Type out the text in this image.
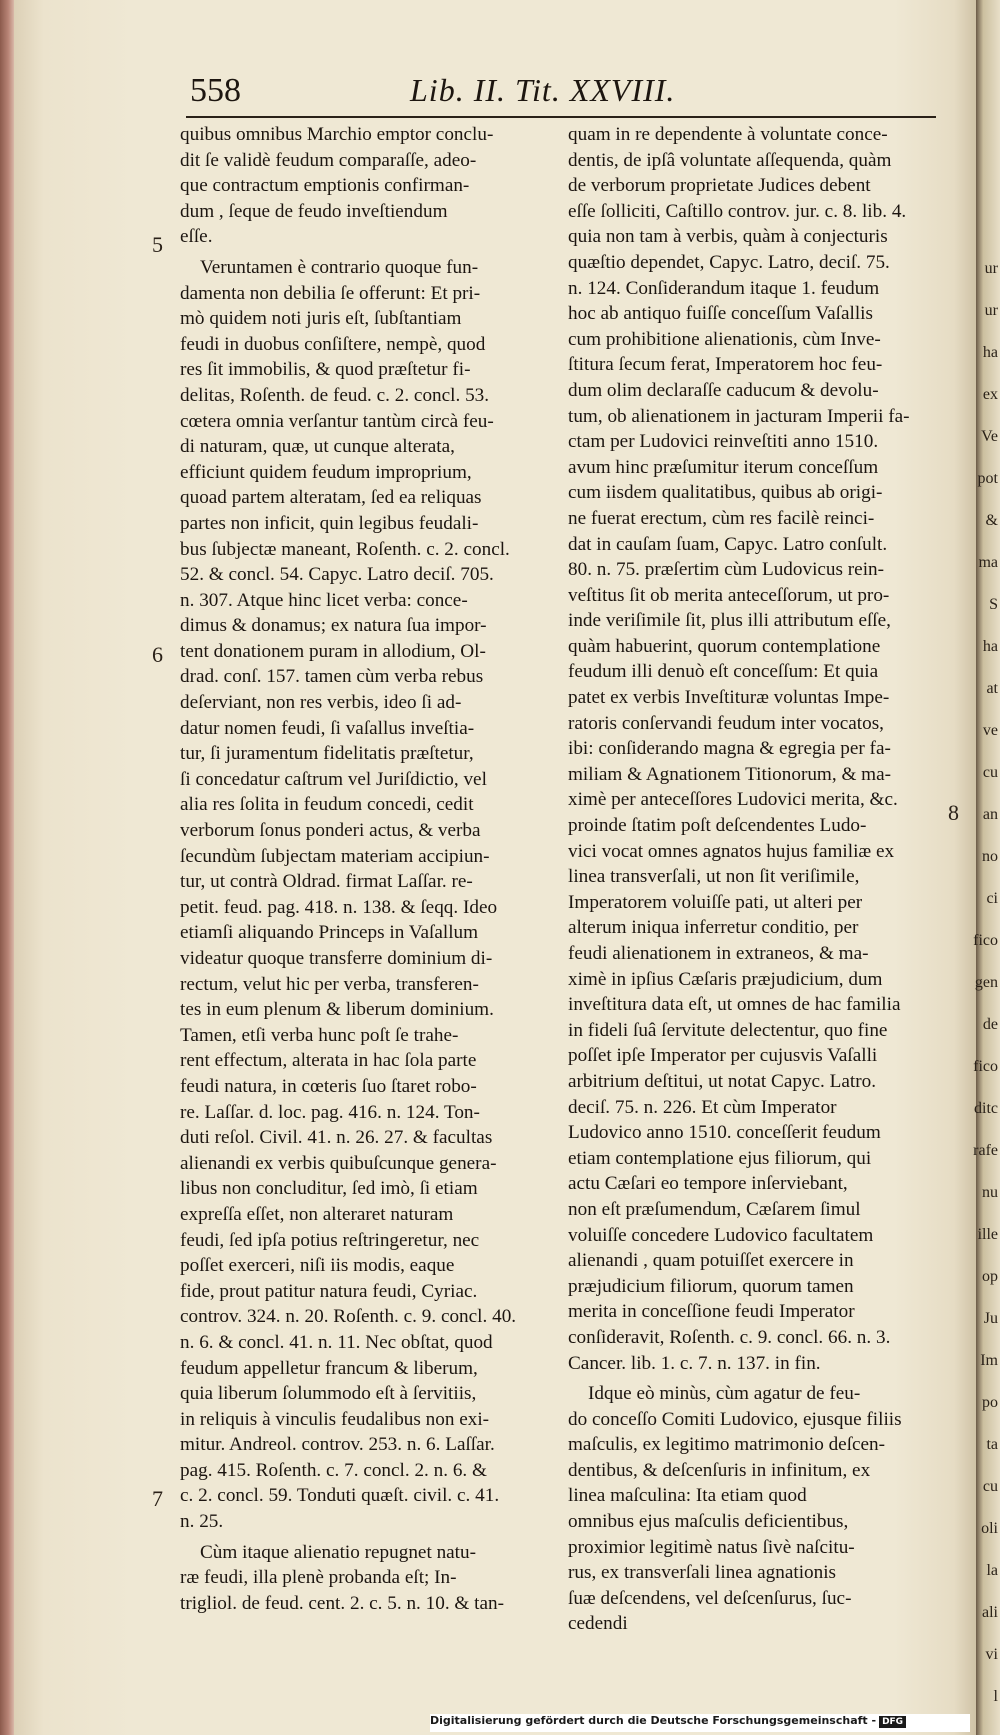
ur
ur
ha
ex
Ve
pot
&
ma
S
ha
at
ve
cu
an
no
ci
fico
gen
de
fico
ditc
rafe
nu
ille
op
Ju
Im
po
ta
cu
oli
la
ali
vi
l
558	Lib. II. Tit. XXVIII.
5
6
7
8
quibus omnibus Marchio emptor conclu-
dit ſe validè feudum comparaſſe, adeo-
que contractum emptionis confirman-
dum , ſeque de feudo inveſtiendum
eſſe.
Veruntamen è contrario quoque fun-
damenta non debilia ſe offerunt: Et pri-
mò quidem noti juris eſt, ſubſtantiam
feudi in duobus conſiſtere, nempè, quod
res ſit immobilis, & quod præſtetur fi-
delitas, Roſenth. de feud. c. 2. concl. 53.
cœtera omnia verſantur tantùm circà feu-
di naturam, quæ, ut cunque alterata,
efficiunt quidem feudum improprium,
quoad partem alteratam, ſed ea reliquas
partes non inficit, quin legibus feudali-
bus ſubjectæ maneant, Roſenth. c. 2. concl.
52. & concl. 54. Capyc. Latro deciſ. 705.
n. 307. Atque hinc licet verba: conce-
dimus & donamus; ex natura ſua impor-
tent donationem puram in allodium, Ol-
drad. conſ. 157. tamen cùm verba rebus
deſerviant, non res verbis, ideo ſi ad-
datur nomen feudi, ſi vaſallus inveſtia-
tur, ſi juramentum fidelitatis præſtetur,
ſi concedatur caſtrum vel Juriſdictio, vel
alia res ſolita in feudum concedi, cedit
verborum ſonus ponderi actus, & verba
ſecundùm ſubjectam materiam accipiun-
tur, ut contrà Oldrad. firmat Laſſar. re-
petit. feud. pag. 418. n. 138. & ſeqq. Ideo
etiamſi aliquando Princeps in Vaſallum
videatur quoque transferre dominium di-
rectum, velut hic per verba, transferen-
tes in eum plenum & liberum dominium.
Tamen, etſi verba hunc poſt ſe trahe-
rent effectum, alterata in hac ſola parte
feudi natura, in cœteris ſuo ſtaret robo-
re. Laſſar. d. loc. pag. 416. n. 124. Ton-
duti reſol. Civil. 41. n. 26. 27. & facultas
alienandi ex verbis quibuſcunque genera-
libus non concluditur, ſed imò, ſi etiam
expreſſa eſſet, non alteraret naturam
feudi, ſed ipſa potius reſtringeretur, nec
poſſet exerceri, niſi iis modis, eaque
fide, prout patitur natura feudi, Cyriac.
controv. 324. n. 20. Roſenth. c. 9. concl. 40.
n. 6. & concl. 41. n. 11. Nec obſtat, quod
feudum appelletur francum & liberum,
quia liberum ſolummodo eſt à ſervitiis,
in reliquis à vinculis feudalibus non exi-
mitur. Andreol. controv. 253. n. 6. Laſſar.
pag. 415. Roſenth. c. 7. concl. 2. n. 6. &
c. 2. concl. 59. Tonduti quæſt. civil. c. 41.
n. 25.
Cùm itaque alienatio repugnet natu-
ræ feudi, illa plenè probanda eſt; In-
trigliol. de feud. cent. 2. c. 5. n. 10. & tan-
quam in re dependente à voluntate conce-
dentis, de ipſâ voluntate aſſequenda, quàm
de verborum proprietate Judices debent
eſſe ſolliciti, Caſtillo controv. jur. c. 8. lib. 4.
quia non tam à verbis, quàm à conjecturis
quæſtio dependet, Capyc. Latro, deciſ. 75.
n. 124. Conſiderandum itaque 1. feudum
hoc ab antiquo fuiſſe conceſſum Vaſallis
cum prohibitione alienationis, cùm Inve-
ſtitura ſecum ferat, Imperatorem hoc feu-
dum olim declaraſſe caducum & devolu-
tum, ob alienationem in jacturam Imperii fa-
ctam per Ludovici reinveſtiti anno 1510.
avum hinc præſumitur iterum conceſſum
cum iisdem qualitatibus, quibus ab origi-
ne fuerat erectum, cùm res facilè reinci-
dat in cauſam ſuam, Capyc. Latro conſult.
80. n. 75. præſertim cùm Ludovicus rein-
veſtitus ſit ob merita anteceſſorum, ut pro-
inde veriſimile ſit, plus illi attributum eſſe,
quàm habuerint, quorum contemplatione
feudum illi denuò eſt conceſſum: Et quia
patet ex verbis Inveſtituræ voluntas Impe-
ratoris conſervandi feudum inter vocatos,
ibi: conſiderando magna & egregia per fa-
miliam & Agnationem Titionorum, & ma-
ximè per anteceſſores Ludovici merita, &c.
proinde ſtatim poſt deſcendentes Ludo-
vici vocat omnes agnatos hujus familiæ ex
linea transverſali, ut non ſit veriſimile,
Imperatorem voluiſſe pati, ut alteri per
alterum iniqua inferretur conditio, per
feudi alienationem in extraneos, & ma-
ximè in ipſius Cæſaris præjudicium, dum
inveſtitura data eſt, ut omnes de hac familia
in fideli ſuâ ſervitute delectentur, quo fine
poſſet ipſe Imperator per cujusvis Vaſalli
arbitrium deſtitui, ut notat Capyc. Latro.
deciſ. 75. n. 226. Et cùm Imperator
Ludovico anno 1510. conceſſerit feudum
etiam contemplatione ejus filiorum, qui
actu Cæſari eo tempore inſerviebant,
non eſt præſumendum, Cæſarem ſimul
voluiſſe concedere Ludovico facultatem
alienandi , quam potuiſſet exercere in
præjudicium filiorum, quorum tamen
merita in conceſſione feudi Imperator
conſideravit, Roſenth. c. 9. concl. 66. n. 3.
Cancer. lib. 1. c. 7. n. 137. in fin.
Idque eò minùs, cùm agatur de feu-
do conceſſo Comiti Ludovico, ejusque filiis
maſculis, ex legitimo matrimonio deſcen-
dentibus, & deſcenſuris in infinitum, ex
linea maſculina: Ita etiam quod
omnibus ejus maſculis deficientibus,
proximior legitimè natus ſivè naſcitu-
rus, ex transverſali linea agnationis
ſuæ deſcendens, vel deſcenſurus, ſuc-
cedendi
Digitalisierung gefördert durch die Deutsche Forschungsgemeinschaft - DFG
